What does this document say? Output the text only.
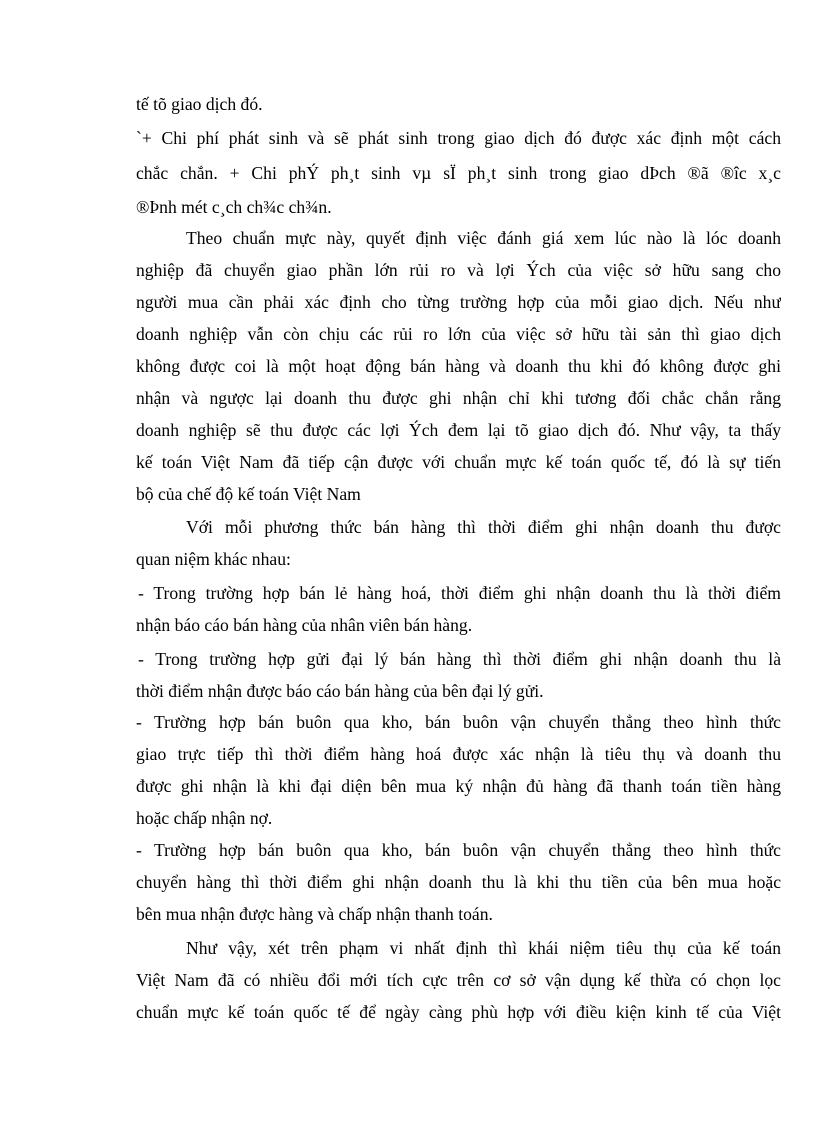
tế tõ giao dịch đó.
`+ Chi phí phát sinh và sẽ phát sinh trong giao dịch đó được xác định một cách
chắc chắn. + Chi phÝ ph¸t sinh vµ sÏ ph¸t sinh trong giao dÞch ®ã ®îc x¸c
®Þnh mét c¸ch ch¾c ch¾n.
Theo chuẩn mực này, quyết định việc đánh giá xem lúc nào là lóc doanh
nghiệp đã chuyển giao phần lớn rủi ro và lợi Ých của việc sở hữu sang cho
người mua cần phải xác định cho từng trường hợp của mỗi giao dịch. Nếu như
doanh nghiệp vẫn còn chịu các rủi ro lớn của việc sở hữu tài sản thì giao dịch
không được coi là một hoạt động bán hàng và doanh thu khi đó không được ghi
nhận và ngược lại doanh thu được ghi nhận chỉ khi tương đối chắc chắn rằng
doanh nghiệp sẽ thu được các lợi Ých đem lại tõ giao dịch đó. Như vậy, ta thấy
kế toán Việt Nam đã tiếp cận được với chuẩn mực kế toán quốc tế, đó là sự tiến
bộ của chế độ kế toán Việt Nam
Với mỗi phương thức bán hàng thì thời điểm ghi nhận doanh thu được
quan niệm khác nhau:
- Trong trường hợp bán lẻ hàng hoá, thời điểm ghi nhận doanh thu là thời điểm
nhận báo cáo bán hàng của nhân viên bán hàng.
- Trong trường hợp gửi đại lý bán hàng thì thời điểm ghi nhận doanh thu là
thời điểm nhận được báo cáo bán hàng của bên đại lý gửi.
- Trường hợp bán buôn qua kho, bán buôn vận chuyển thẳng theo hình thức
giao trực tiếp thì thời điểm hàng hoá được xác nhận là tiêu thụ và doanh thu
được ghi nhận là khi đại diện bên mua ký nhận đủ hàng đã thanh toán tiền hàng
hoặc chấp nhận nợ.
- Trường hợp bán buôn qua kho, bán buôn vận chuyển thẳng theo hình thức
chuyển hàng thì thời điểm ghi nhận doanh thu là khi thu tiền của bên mua hoặc
bên mua nhận được hàng và chấp nhận thanh toán.
Như vậy, xét trên phạm vi nhất định thì khái niệm tiêu thụ của kế toán
Việt Nam đã có nhiều đổi mới tích cực trên cơ sở vận dụng kế thừa có chọn lọc
chuẩn mực kế toán quốc tế để ngày càng phù hợp với điều kiện kinh tế của Việt
